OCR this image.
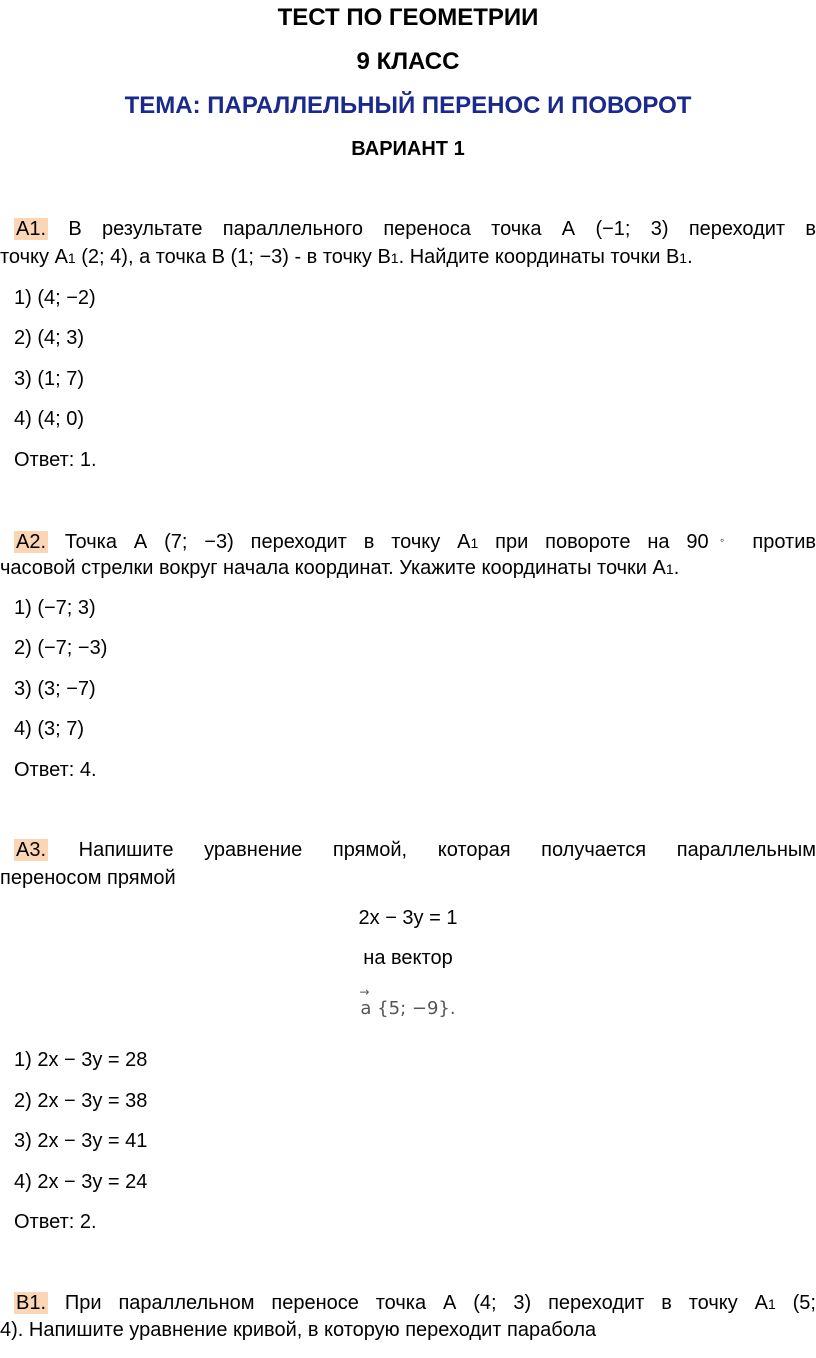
ТЕСТ ПО ГЕОМЕТРИИ
9 КЛАСС
ТЕМА: ПАРАЛЛЕЛЬНЫЙ ПЕРЕНОС И ПОВОРОТ
ВАРИАНТ 1
А1. В результате параллельного переноса точка А (−1; 3) переходит в
точку А1 (2; 4), а точка В (1; −3) - в точку В1. Найдите координаты точки В1.
1) (4; −2)
2) (4; 3)
3) (1; 7)
4) (4; 0)
Ответ: 1.
А2. Точка А (7; −3) переходит в точку А1 при повороте на 90◦ против
часовой стрелки вокруг начала координат. Укажите координаты точки А1.
1) (−7; 3)
2) (−7; −3)
3) (3; −7)
4) (3; 7)
Ответ: 4.
А3. Напишите уравнение прямой, которая получается параллельным
переносом прямой
2x − 3y = 1
на вектор
→ a {5; −9}.
1) 2x − 3y = 28
2) 2x − 3y = 38
3) 2x − 3y = 41
4) 2x − 3y = 24
Ответ: 2.
В1. При параллельном переносе точка А (4; 3) переходит в точку А1 (5;
4). Напишите уравнение кривой, в которую переходит парабола
